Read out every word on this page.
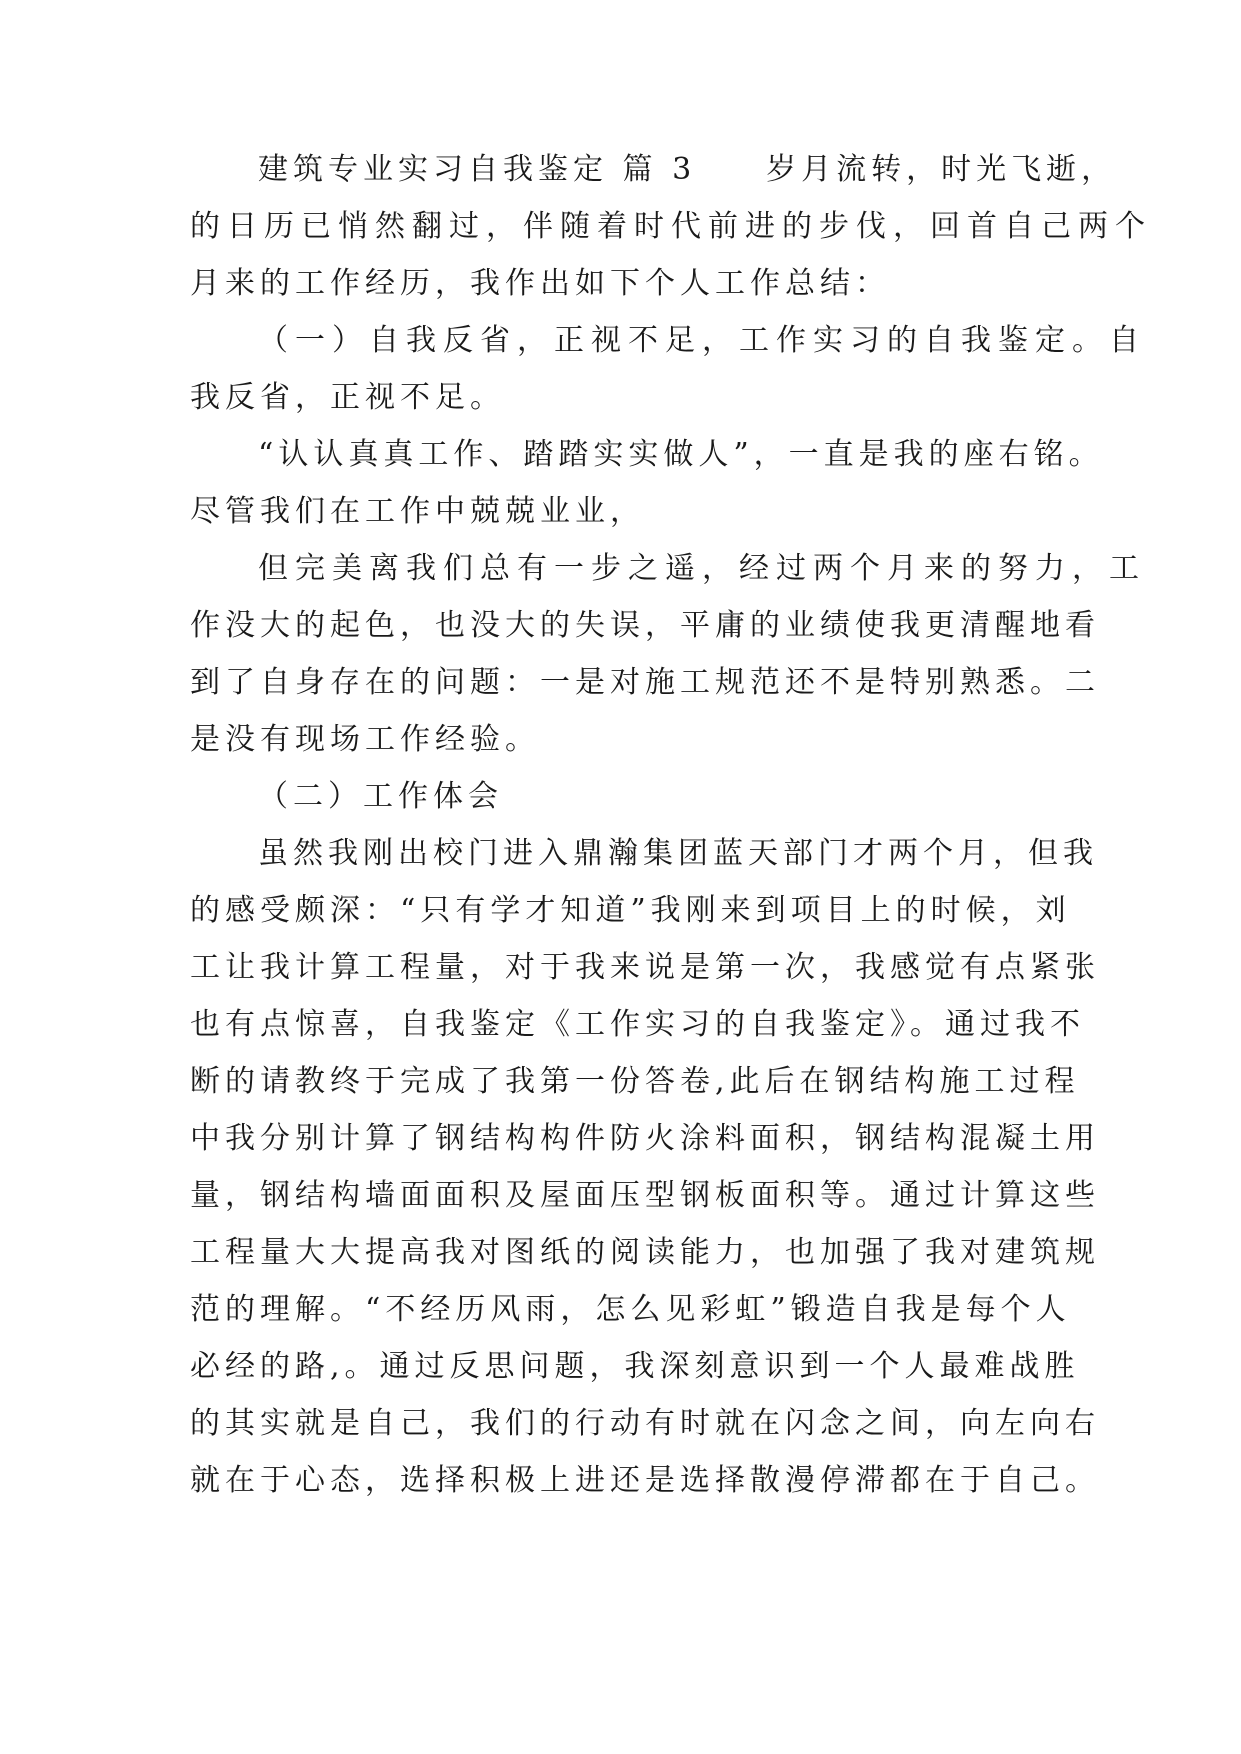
建筑专业实习自我鉴定 篇 3 岁月流转，时光飞逝，
的日历已悄然翻过，伴随着时代前进的步伐，回首自己两个
月来的工作经历，我作出如下个人工作总结：
（一）自我反省，正视不足，工作实习的自我鉴定。自
我反省，正视不足。
“认认真真工作、踏踏实实做人”，一直是我的座右铭。
尽管我们在工作中兢兢业业，
但完美离我们总有一步之遥，经过两个月来的努力，工
作没大的起色，也没大的失误，平庸的业绩使我更清醒地看
到了自身存在的问题：一是对施工规范还不是特别熟悉。二
是没有现场工作经验。
（二）工作体会
虽然我刚出校门进入鼎瀚集团蓝天部门才两个月，但我
的感受颇深：“只有学才知道”我刚来到项目上的时候，刘
工让我计算工程量，对于我来说是第一次，我感觉有点紧张
也有点惊喜，自我鉴定《工作实习的自我鉴定》。通过我不
断的请教终于完成了我第一份答卷,此后在钢结构施工过程
中我分别计算了钢结构构件防火涂料面积，钢结构混凝土用
量，钢结构墙面面积及屋面压型钢板面积等。通过计算这些
工程量大大提高我对图纸的阅读能力，也加强了我对建筑规
范的理解。“不经历风雨，怎么见彩虹”锻造自我是每个人
必经的路,。通过反思问题，我深刻意识到一个人最难战胜
的其实就是自己，我们的行动有时就在闪念之间，向左向右
就在于心态，选择积极上进还是选择散漫停滞都在于自己。
